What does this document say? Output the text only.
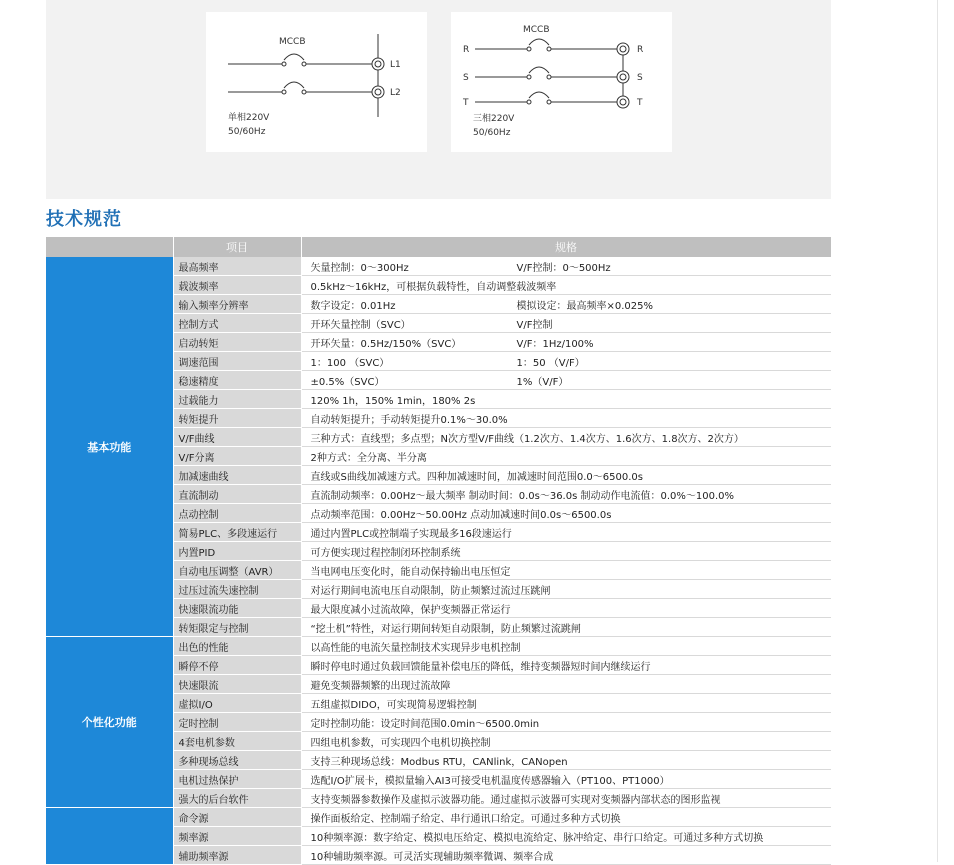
MCCB
L1
L2
单相220V
50/60Hz
MCCB
R	R
S	S
T	T
三相220V
50/60Hz
技术规范
	项目	规格
基本功能	最高频率	矢量控制：0～300Hz V/F控制：0～500Hz
	载波频率	0.5kHz～16kHz，可根据负载特性，自动调整载波频率
	输入频率分辨率	数字设定：0.01Hz 模拟设定：最高频率×0.025%
	控制方式	开环矢量控制（SVC） V/F控制
	启动转矩	开环矢量：0.5Hz/150%（SVC） V/F：1Hz/100%
	调速范围	1：100 （SVC） 1：50 （V/F）
	稳速精度	±0.5%（SVC） 1%（V/F）
	过载能力	120% 1h，150% 1min，180% 2s
	转矩提升	自动转矩提升；手动转矩提升0.1%～30.0%
	V/F曲线	三种方式：直线型；多点型；N次方型V/F曲线（1.2次方、1.4次方、1.6次方、1.8次方、2次方）
	V/F分离	2种方式：全分离、半分离
	加减速曲线	直线或S曲线加减速方式。四种加减速时间，加减速时间范围0.0～6500.0s
	直流制动	直流制动频率：0.00Hz～最大频率 制动时间：0.0s～36.0s 制动动作电流值：0.0%～100.0%
	点动控制	点动频率范围：0.00Hz～50.00Hz 点动加减速时间0.0s～6500.0s
	简易PLC、多段速运行	通过内置PLC或控制端子实现最多16段速运行
	内置PID	可方便实现过程控制闭环控制系统
	自动电压调整（AVR）	当电网电压变化时，能自动保持输出电压恒定
	过压过流失速控制	对运行期间电流电压自动限制，防止频繁过流过压跳闸
	快速限流功能	最大限度减小过流故障，保护变频器正常运行
	转矩限定与控制	“挖土机”特性，对运行期间转矩自动限制，防止频繁过流跳闸
个性化功能	出色的性能	以高性能的电流矢量控制技术实现异步电机控制
	瞬停不停	瞬时停电时通过负载回馈能量补偿电压的降低，维持变频器短时间内继续运行
	快速限流	避免变频器频繁的出现过流故障
	虚拟I/O	五组虚拟DIDO，可实现简易逻辑控制
	定时控制	定时控制功能：设定时间范围0.0min～6500.0min
	4套电机参数	四组电机参数，可实现四个电机切换控制
	多种现场总线	支持三种现场总线：Modbus RTU，CANlink，CANopen
	电机过热保护	选配I/O扩展卡，模拟量输入AI3可接受电机温度传感器输入（PT100、PT1000）
	强大的后台软件	支持变频器参数操作及虚拟示波器功能。通过虚拟示波器可实现对变频器内部状态的图形监视
	命令源	操作面板给定、控制端子给定、串行通讯口给定。可通过多种方式切换
	频率源	10种频率源：数字给定、模拟电压给定、模拟电流给定、脉冲给定、串行口给定。可通过多种方式切换
	辅助频率源	10种辅助频率源。可灵活实现辅助频率微调、频率合成
